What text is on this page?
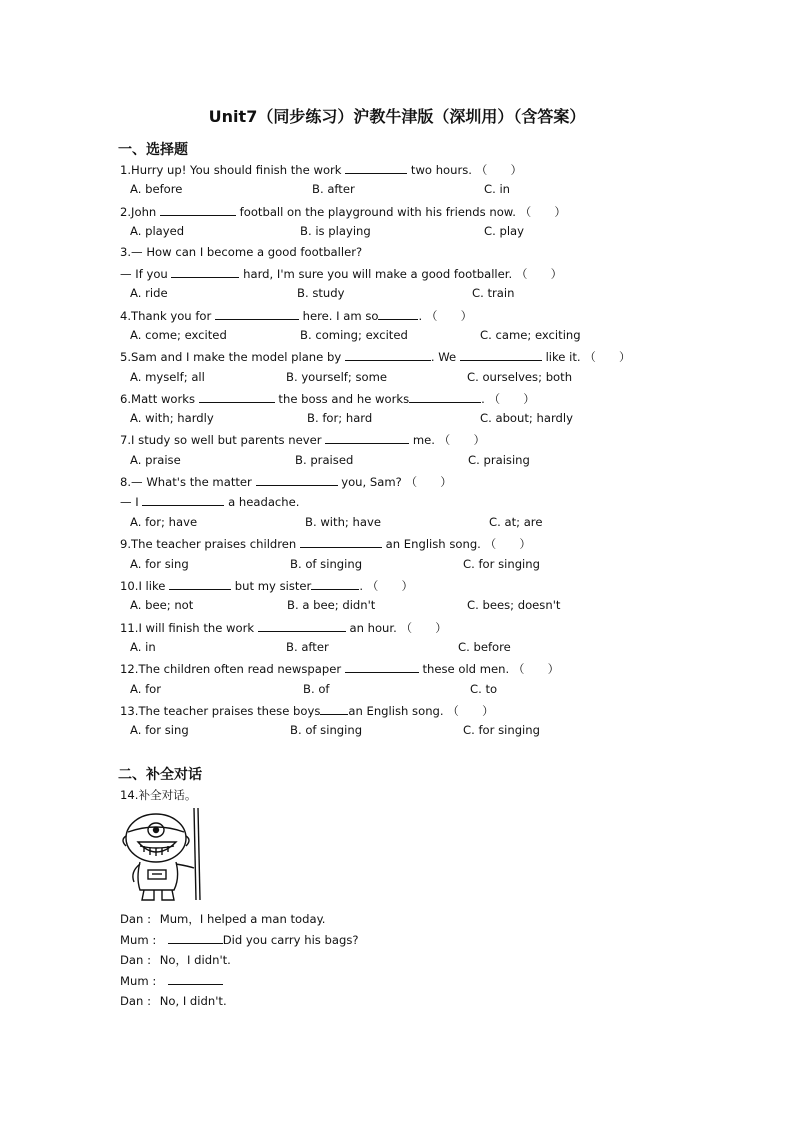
Unit7（同步练习）沪教牛津版（深圳用）（含答案）
一、选择题
1.Hurry up! You should finish the work	two hours. （　　）
A. before	B. after	C. in
2.John	football on the playground with his friends now. （　　）
A. played	B. is playing	C. play
3.— How can I become a good footballer?
— If you	hard, I'm sure you will make a good footballer. （　　）
A. ride	B. study	C. train
4.Thank you for	here. I am so	. （　　）
A. come; excited	B. coming; excited	C. came; exciting
5.Sam and I make the model plane by	. We	like it. （　　）
A. myself; all	B. yourself; some	C. ourselves; both
6.Matt works	the boss and he works	. （　　）
A. with; hardly	B. for; hard	C. about; hardly
7.I study so well but parents never	me. （　　）
A. praise	B. praised	C. praising
8.— What's the matter	you, Sam? （　　）
— I	a headache.
A. for; have	B. with; have	C. at; are
9.The teacher praises children	an English song. （　　）
A. for sing	B. of singing	C. for singing
10.I like	but my sister	. （　　）
A. bee; not	B. a bee; didn't	C. bees; doesn't
11.I will finish the work	an hour. （　　）
A. in	B. after	C. before
12.The children often read newspaper	these old men. （　　）
A. for	B. of	C. to
13.The teacher praises these boys an English song. （　　）
A. for sing	B. of singing	C. for singing
二、补全对话
14.补全对话。
Dan : Mum，I helped a man today.
Mum :	Did you carry his bags?
Dan : No，I didn't.
Mum :
Dan : No, I didn't.
